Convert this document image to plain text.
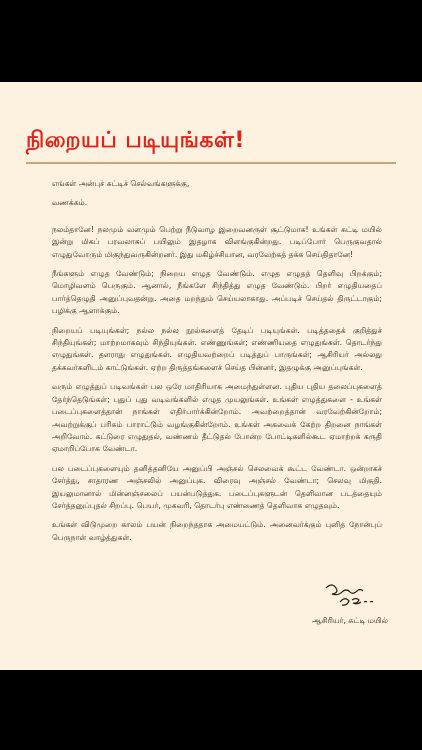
நிறையப் படியுங்கள்!

எங்கள் அன்புச் சுட்டிச் செல்வங்களுக்கு,

வணக்கம்.

நலம்தானே! நலமும் வளமும் பெற்று நீடுவாழ இறைவனருள் சூட்டுமாக! உங்கள் சுட்டி மயில் இன்று மிகப் பரவலாகப் பயிலும் இதழாக விளங்குகின்றது. படிப்போர் பெருகுவதால் எழுதுவோரும் மிகுந்துவருகின்றனர். இது மகிழ்ச்சியான, வரவேற்கத் தக்க செய்திதானே!

நீங்களும் எழுத வேண்டும்; நிறைய எழுத வேண்டும். எழுத எழுதத் தெளிவு பிறக்கும்; மொழிவளம் பெருகும். ஆனால், நீங்களே சிந்தித்து எழுத வேண்டும். பிறர் எழுதியதைப் பார்த்தெழுதி அனுப்புவதன்று. அதை மறந்தும் செய்யலாகாது. அப்படிச் செய்தல் திருட்டாகும்; பழிக்கு ஆளாக்கும்.

நிறையப் படியுங்கள்; நல்ல நல்ல நூல்களைத் தேடிப் படியுங்கள். படித்ததைக் குறித்துச் சிந்தியுங்கள்; மாற்றமாகவும் சிந்தியுங்கள். எண்ணுங்கள்; எண்ணியதை எழுதுங்கள். தொடர்ந்து எழுதுங்கள். தளராது எழுதுங்கள். எழுதியவற்றைப் படித்துப் பாருங்கள்; ஆசிரியர் அல்லது தக்கவர்களிடம் காட்டுங்கள். ஏற்ற திருத்தங்களைச் செய்த பின்னர், இதழுக்கு அனுப்புங்கள்.

வரும் எழுத்துப் படிவங்கள் பல ஒரே மாதிரியாக அமைந்துள்ளன. புதிய புதிய தலைப்புகளைத் தேர்ந்தெடுங்கள்; புதுப் புது வடிவங்களில் எழுத முயலுங்கள். உங்கள் எழுத்துகளை - உங்கள் படைப்புகளைத்தான் நாங்கள் எதிர்பார்க்கின்றோம். அவற்றைத்தான் வரவேற்கின்றோம்; அவற்றுக்குப் பரிசும் பாராட்டும் வழங்குகின்றோம். உங்கள் அகவைக் கேற்ற திறனை நாங்கள் அறிவோம். கட்டுரை எழுதுதல், வண்ணம் தீட்டுதல் போன்ற போட்டிகளில்கூட ஏமாற்றக் கருதி ஏமாறிப்போக வேண்டா.

பல படைப்புகளையும் தனித்தனியே அனுப்பி அஞ்சல் செலவைக் கூட்ட வேண்டா. ஒன்றாகச் சேர்த்து, சாதாரண அஞ்சலில் அனுப்புக. விரைவு அஞ்சல் வேண்டா; செலவு மிகுதி. இயலுமானால் மின்னஞ்சலைப் பயன்படுத்துக. படைப்புகளுடன் தெளிவான படத்தையும் சேர்த்தனுப்புதல் சிறப்பு. பெயர், முகவரி, தொடர்பு எண்ணைத் தெளிவாக எழுதவும்.

உங்கள் விடுமுறை காலம் பயன் நிறைந்ததாக அமையட்டும். அனைவர்க்கும் புனித நோன்புப் பெருநாள் வாழ்த்துகள்.

ஆசிரியர், சுட்டி மயில்
